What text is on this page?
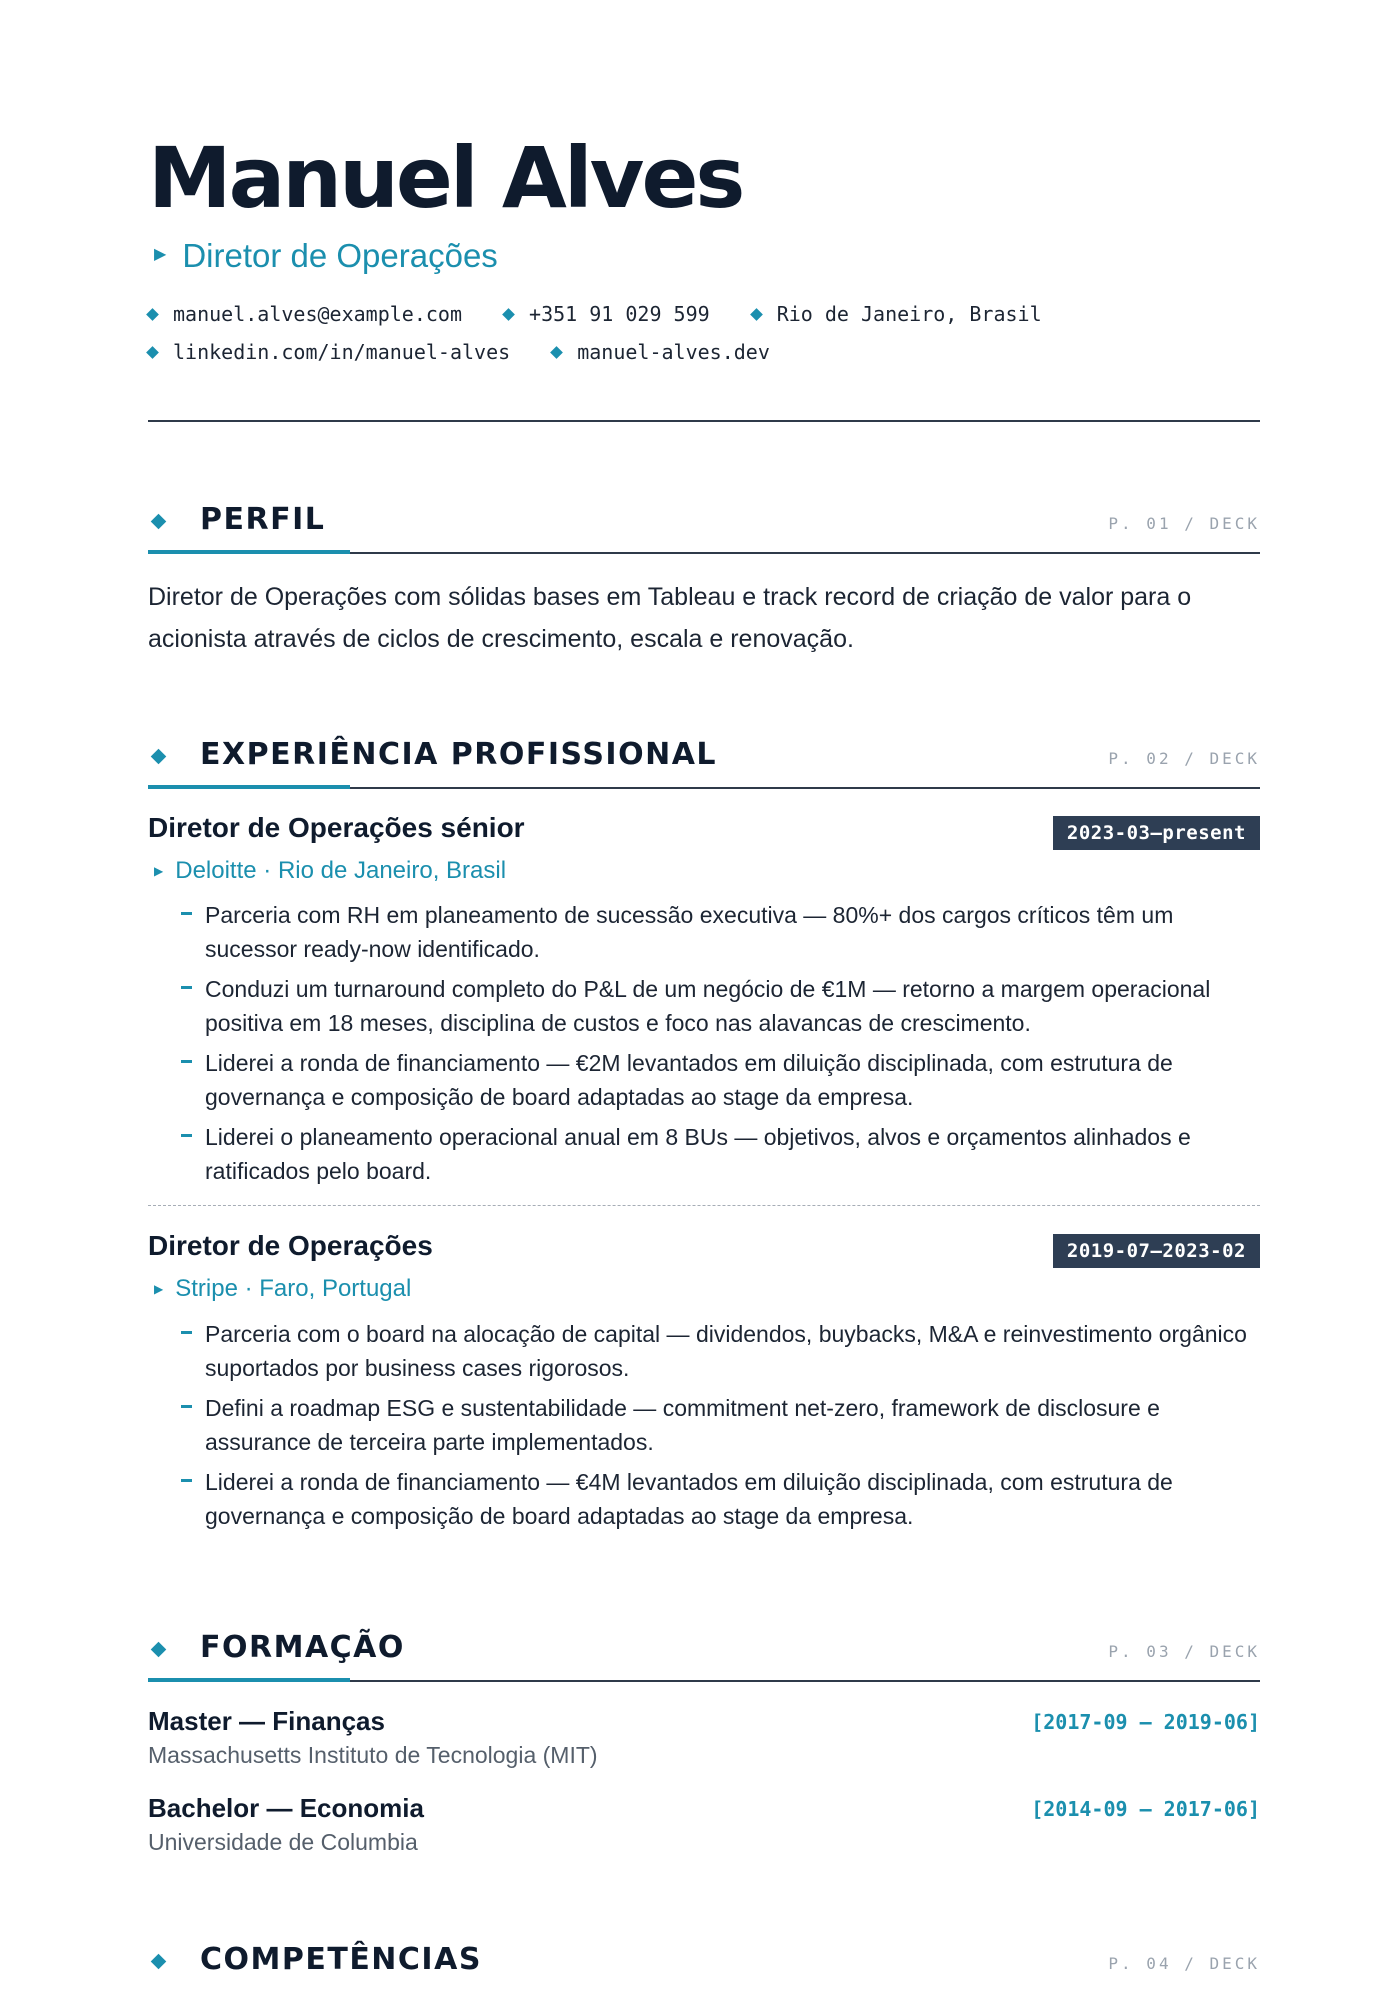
Manuel Alves
▶ Diretor de Operações
manuel.alves@example.com	+351 91 029 599	Rio de Janeiro, Brasil
linkedin.com/in/manuel-alves	manuel-alves.dev
PERFIL	P. 01 / DECK

Diretor de Operações com sólidas bases em Tableau e track record de criação de valor para o acionista através de ciclos de crescimento, escala e renovação.

EXPERIÊNCIA PROFISSIONAL	P. 02 / DECK
Diretor de Operações sénior	2023-03—present
▶ Deloitte · Rio de Janeiro, Brasil
Parceria com RH em planeamento de sucessão executiva — 80%+ dos cargos críticos têm um sucessor ready-now identificado.
Conduzi um turnaround completo do P&L de um negócio de €1M — retorno a margem operacional positiva em 18 meses, disciplina de custos e foco nas alavancas de crescimento.
Liderei a ronda de financiamento — €2M levantados em diluição disciplinada, com estrutura de governança e composição de board adaptadas ao stage da empresa.
Liderei o planeamento operacional anual em 8 BUs — objetivos, alvos e orçamentos alinhados e ratificados pelo board.
Diretor de Operações	2019-07—2023-02
▶ Stripe · Faro, Portugal
Parceria com o board na alocação de capital — dividendos, buybacks, M&A e reinvestimento orgânico suportados por business cases rigorosos.
Defini a roadmap ESG e sustentabilidade — commitment net-zero, framework de disclosure e assurance de terceira parte implementados.
Liderei a ronda de financiamento — €4M levantados em diluição disciplinada, com estrutura de governança e composição de board adaptadas ao stage da empresa.
FORMAÇÃO	P. 03 / DECK
Master — Finanças	[2017-09 – 2019-06]
Massachusetts Instituto de Tecnologia (MIT)
Bachelor — Economia	[2014-09 – 2017-06]
Universidade de Columbia
COMPETÊNCIAS	P. 04 / DECK
